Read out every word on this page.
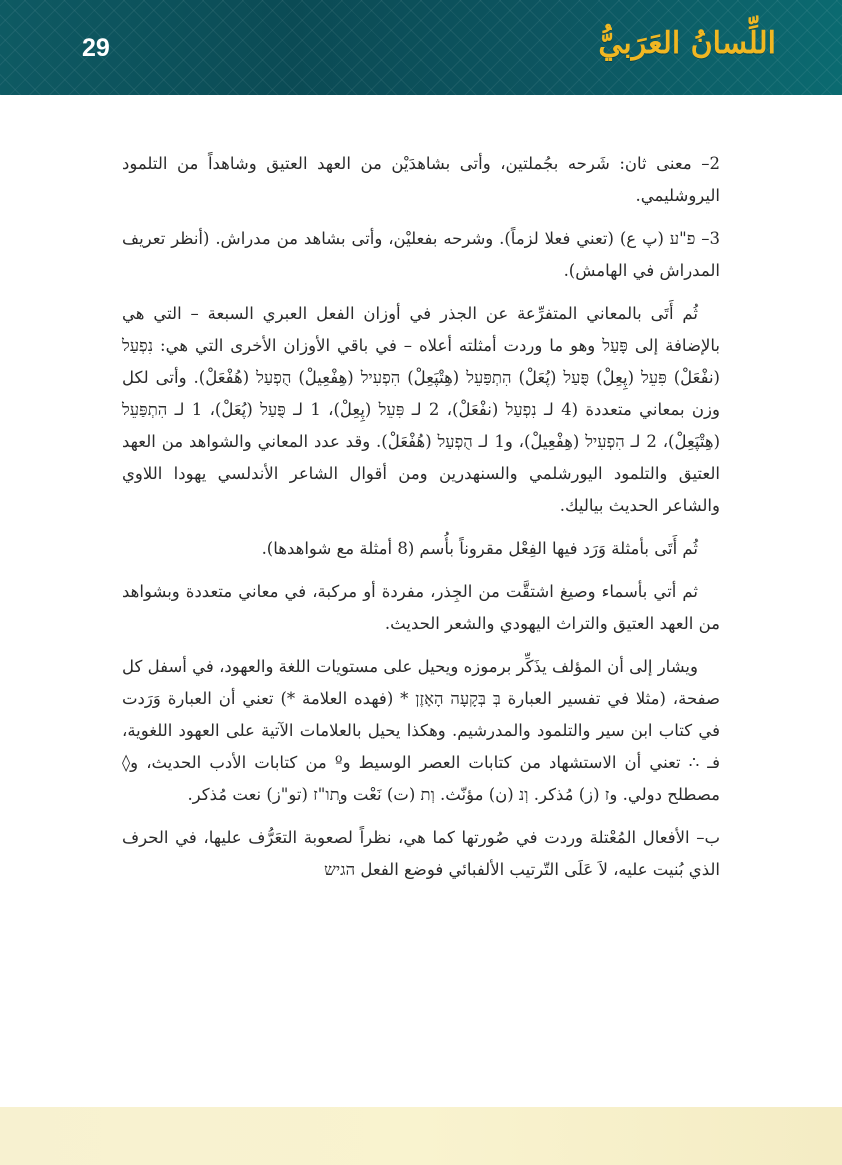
29	اللِّسانُ العَرَبيُّ

2– معنى ثان: شَرحه بجُملتين، وأتى بشاهدَيْن من العهد العتيق وشاهداً من التلمود اليروشليمي.

3– פ"ע (پ ع) (تعني فعلا لزماً). وشرحه بفعليْن، وأتى بشاهد من مدراش. (أنظر تعريف المدراش في الهامش).

ثُم أَتَى بالمعاني المتفرِّعة عن الجذر في أوزان الفعل العبري السبعة – التي هي بالإضافة إلى פָּעַל وهو ما وردت أمثلته أعلاه – في باقي الأوزان الأخرى التي هي: נִפְעַל (نفْعَلْ) פִּעֵל (پِعِلْ) פֻּעַל (پُعَلْ) הִתְפַּעֵל (هِتْپَعِلْ) הִפְעִיל (هِفْعِيلْ) הֻפְעַל (هُفْعَلْ). وأتى لكل وزن بمعاني متعددة (4 لـ נִפְעַל (نفْعَلْ)، 2 لـ פִּעֵל (پِعِلْ)، 1 لـ פֻּעַל (پُعَلْ)، 1 لـ הִתְפַּעֵל (هِتْپَعِلْ)، 2 لـ הִפְעִיל (هِفْعِيلْ)، و1 لـ הֻפְעַל (هُفْعَلْ). وقد عدد المعاني والشواهد من العهد العتيق والتلمود اليورشلمي والسنهدرين ومن أقوال الشاعر الأندلسي يهودا اللاوي والشاعر الحديث بياليك.

ثُم أَتَى بأمثلة وَرَد فيها الفِعْل مقروناً بأُسم (8 أمثلة مع شواهدها).

ثم أتي بأسماء وصيغ اشتقَّت من الجِذر، مفردة أو مركبة، في معاني متعددة وبشواهد من العهد العتيق والتراث اليهودي والشعر الحديث.

ويشار إلى أن المؤلف يذَكِّر برموزه ويحيل على مستويات اللغة والعهود، في أسفل كل صفحة، (مثلا في تفسير العبارة בְּ בְּקָעָה הָאָזֶן * (فهده العلامة *) تعني أن العبارة وَرَدت في كتاب ابن سير والتلمود والمدرشيم. وهكذا يحيل بالعلامات الآتية على العهود اللغوية، فـ ∴ تعني أن الاستشهاد من كتابات العصر الوسيط وº من كتابات الأدب الحديث، و◊ مصطلح دولي. وז (ز) مُذكر. וְנ (ن) مؤنّث. וְת (ت) نَعْت وְתו"ז (تو"ز) نعت مُذكر.

ب– الأفعال المُعْتلة وردت في صُورتها كما هي، نظراً لصعوبة التعَرُّف عليها، في الحرف الذي بُنيت عليه، لاَ عَلَى التّرتيب الألفبائي فوضع الفعل הגיש
